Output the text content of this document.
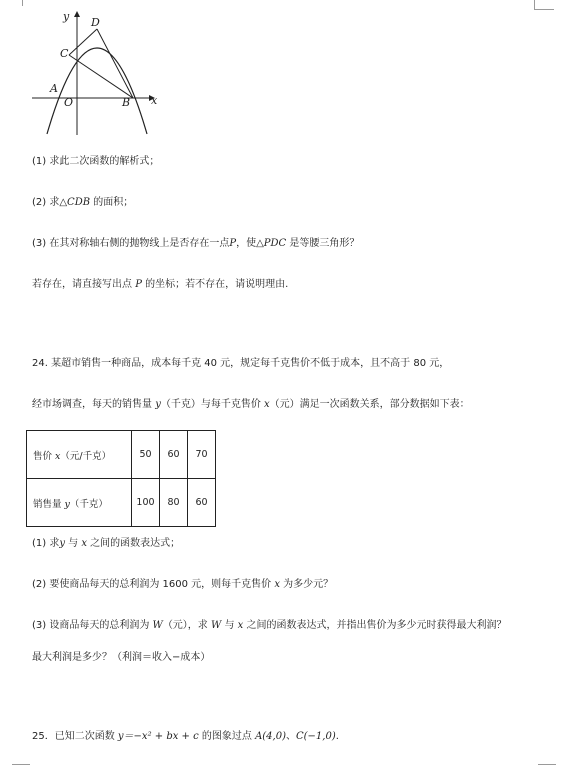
y
x
D
C
A
O	B
(1) 求此二次函数的解析式；
(2) 求△CDB 的面积；
(3) 在其对称轴右侧的抛物线上是否存在一点P，使△PDC 是等腰三角形？
若存在，请直接写出点 P 的坐标；若不存在，请说明理由.
24. 某超市销售一种商品，成本每千克 40 元，规定每千克售价不低于成本，且不高于 80 元，
经市场调查，每天的销售量 y（千克）与每千克售价 x（元）满足一次函数关系，部分数据如下表：
售价 x（元/千克）	50	60	70
销售量 y（千克）	100	80	60
(1) 求y 与 x 之间的函数表达式；
(2) 要使商品每天的总利润为 1600 元，则每千克售价 x 为多少元？
(3) 设商品每天的总利润为 W（元），求 W 与 x 之间的函数表达式，并指出售价为多少元时获得最大利润？
最大利润是多少？（利润＝收入−成本）
25．已知二次函数 y＝−x² + bx + c 的图象过点 A(4,0)、C(−1,0).
